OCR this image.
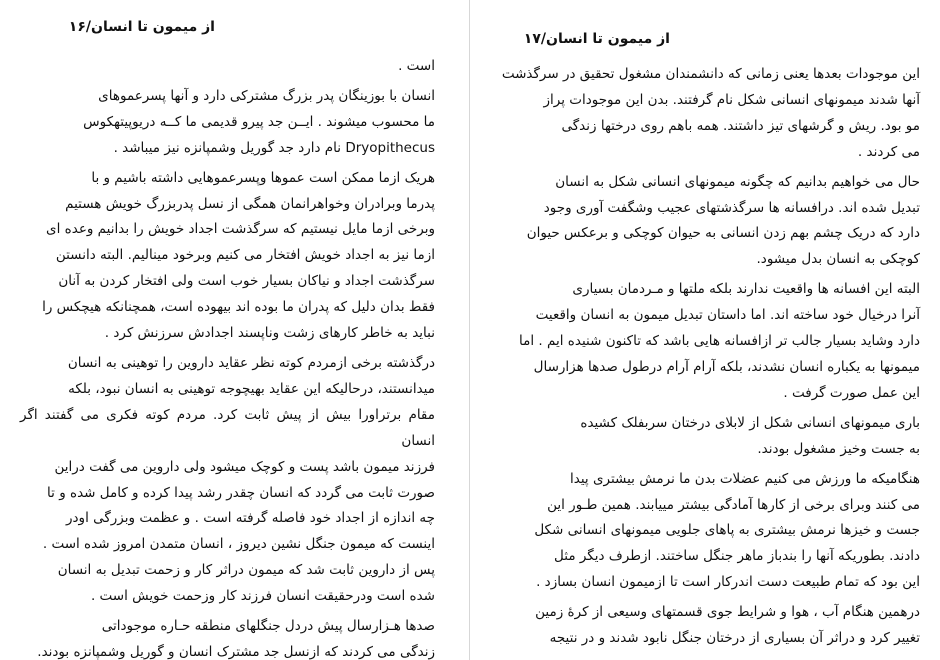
از میمون تا انسان/۱۶

است .

انسان با بوزینگان پدر بزرگ مشترکی دارد و آنها پسرعموهای
ما محسوب میشوند . ایــن جد پیرو قدیمی ما کــه دریوپیتهکوس
Dryopithecus نام دارد جد گوریل وشمپانزه نیز میباشد .

هریک ازما ممکن است عموها وپسرعموهایی داشته باشیم و با
پدرما وبرادران وخواهرانمان همگی از نسل پدربزرگ خویش هستیم
وبرخی ازما مایل نیستیم که سرگذشت اجداد خویش را بدانیم وعده ای
ازما نیز به اجداد خویش افتخار می کنیم وبرخود مینالیم. البته دانستن
سرگذشت اجداد و نیاکان بسیار خوب است ولی افتخار کردن به آنان
فقط بدان دلیل که پدران ما بوده اند بیهوده است، همچنانکه هیچکس را
نباید به خاطر کارهای زشت وناپسند اجدادش سرزنش کرد .

درگذشته برخی ازمردم کوته نظر عقاید داروین را توهینی به انسان
میدانستند، درحالیکه این عقاید بهیچوجه توهینی به انسان نبود، بلکه
مقام برتراورا بیش از پیش ثابت کرد. مردم کوته فکری می گفتند اگر انسان
فرزند میمون باشد پست و کوچک میشود ولی داروین می گفت دراین
صورت ثابت می گردد که انسان چقدر رشد پیدا کرده و کامل شده و تا
چه اندازه از اجداد خود فاصله گرفته است . و عظمت وبزرگی اودر
اینست که میمون جنگل نشین دیروز ، انسان متمدن امروز شده است .
پس از داروین ثابت شد که میمون دراثر کار و زحمت تبدیل به انسان
شده است ودرحقیقت انسان فرزند کار وزحمت خویش است .

صدها هـزارسال پیش دردل جنگلهای منطقه حـاره موجوداتی
زندگی می کردند که ازنسل جد مشترک انسان و گوریل وشمپانزه بودند.

از میمون تا انسان/۱۷

این موجودات بعدها یعنی زمانی که دانشمندان مشغول تحقیق در سرگذشت
آنها شدند میمونهای انسانی شکل نام گرفتند. بدن این موجودات پراز
مو بود. ریش و گرشهای تیز داشتند. همه باهم روی درختها زندگی
می کردند .

حال می خواهیم بدانیم که چگونه میمونهای انسانی شکل به انسان
تبدیل شده اند. درافسانه ها سرگذشتهای عجیب وشگفت آوری وجود
دارد که دریک چشم بهم زدن انسانی به حیوان کوچکی و برعکس حیوان
کوچکی به انسان بدل میشود.

البته این افسانه ها واقعیت ندارند بلکه ملتها و مـردمان بسیاری
آنرا درخیال خود ساخته اند. اما داستان تبدیل میمون به انسان واقعیت
دارد وشاید بسیار جالب تر ازافسانه هایی باشد که تاکنون شنیده ایم . اما
میمونها به یکباره انسان نشدند، بلکه آرام آرام درطول صدها هزارسال
این عمل صورت گرفت .

باری میمونهای انسانی شکل از لابلای درختان سربفلک کشیده
به جست وخیز مشغول بودند.

هنگامیکه ما ورزش می کنیم عضلات بدن ما نرمش بیشتری پیدا
می کنند وبرای برخی از کارها آمادگی بیشتر مییابند. همین طـور این
جست و خیزها نرمش بیشتری به پاهای جلویی میمونهای انسانی شکل
دادند. بطوریکه آنها را بندباز ماهر جنگل ساختند. ازطرف دیگر مثل
این بود که تمام طبیعت دست اندرکار است تا ازمیمون انسان بسازد .

درهمین هنگام آب ، هوا و شرایط جوی قسمتهای وسیعی از کرهٔ زمین
تغییر کرد و دراثر آن بسیاری از درختان جنگل نابود شدند و در نتیجه
